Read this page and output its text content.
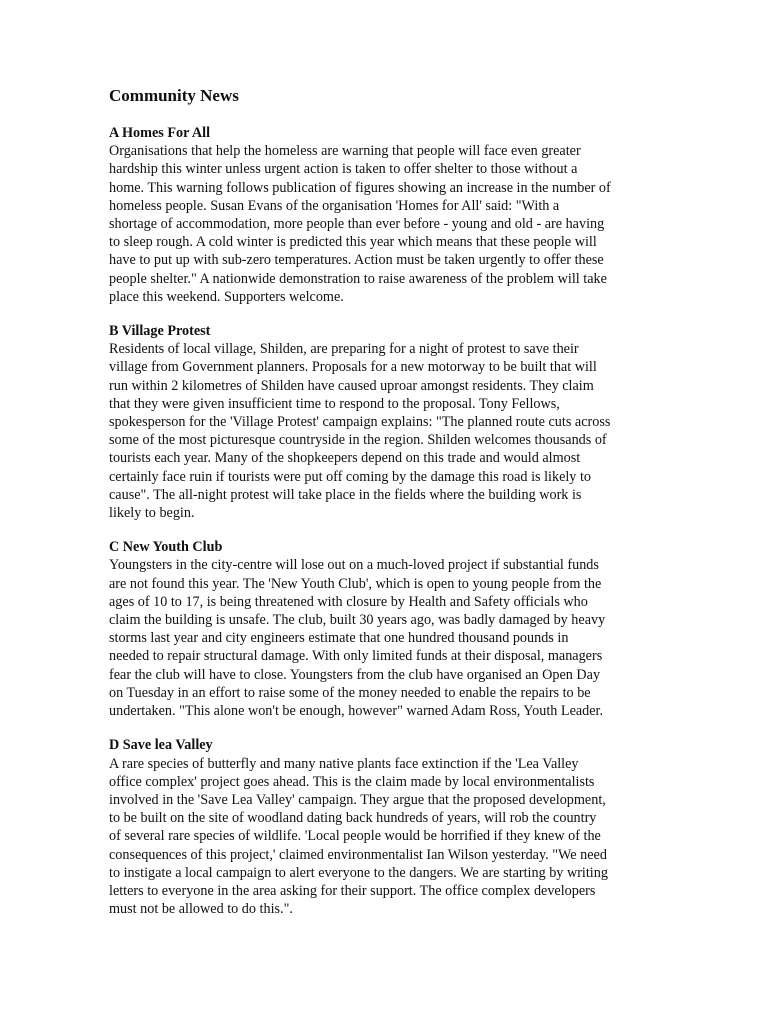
Community News
A Homes For All

Organisations that help the homeless are warning that people will face even greater
hardship this winter unless urgent action is taken to offer shelter to those without a
home. This warning follows publication of figures showing an increase in the number of
homeless people. Susan Evans of the organisation 'Homes for All' said: "With a
shortage of accommodation, more people than ever before - young and old - are having
to sleep rough. A cold winter is predicted this year which means that these people will
have to put up with sub-zero temperatures. Action must be taken urgently to offer these
people shelter." A nationwide demonstration to raise awareness of the problem will take
place this weekend. Supporters welcome.

B Village Protest

Residents of local village, Shilden, are preparing for a night of protest to save their
village from Government planners. Proposals for a new motorway to be built that will
run within 2 kilometres of Shilden have caused uproar amongst residents. They claim
that they were given insufficient time to respond to the proposal. Tony Fellows,
spokesperson for the 'Village Protest' campaign explains: "The planned route cuts across
some of the most picturesque countryside in the region. Shilden welcomes thousands of
tourists each year. Many of the shopkeepers depend on this trade and would almost
certainly face ruin if tourists were put off coming by the damage this road is likely to
cause". The all-night protest will take place in the fields where the building work is
likely to begin.

C New Youth Club

Youngsters in the city-centre will lose out on a much-loved project if substantial funds
are not found this year. The 'New Youth Club', which is open to young people from the
ages of 10 to 17, is being threatened with closure by Health and Safety officials who
claim the building is unsafe. The club, built 30 years ago, was badly damaged by heavy
storms last year and city engineers estimate that one hundred thousand pounds in
needed to repair structural damage. With only limited funds at their disposal, managers
fear the club will have to close. Youngsters from the club have organised an Open Day
on Tuesday in an effort to raise some of the money needed to enable the repairs to be
undertaken. "This alone won't be enough, however" warned Adam Ross, Youth Leader.

D Save lea Valley

A rare species of butterfly and many native plants face extinction if the 'Lea Valley
office complex' project goes ahead. This is the claim made by local environmentalists
involved in the 'Save Lea Valley' campaign. They argue that the proposed development,
to be built on the site of woodland dating back hundreds of years, will rob the country
of several rare species of wildlife. 'Local people would be horrified if they knew of the
consequences of this project,' claimed environmentalist Ian Wilson yesterday. "We need
to instigate a local campaign to alert everyone to the dangers. We are starting by writing
letters to everyone in the area asking for their support. The office complex developers
must not be allowed to do this.".
